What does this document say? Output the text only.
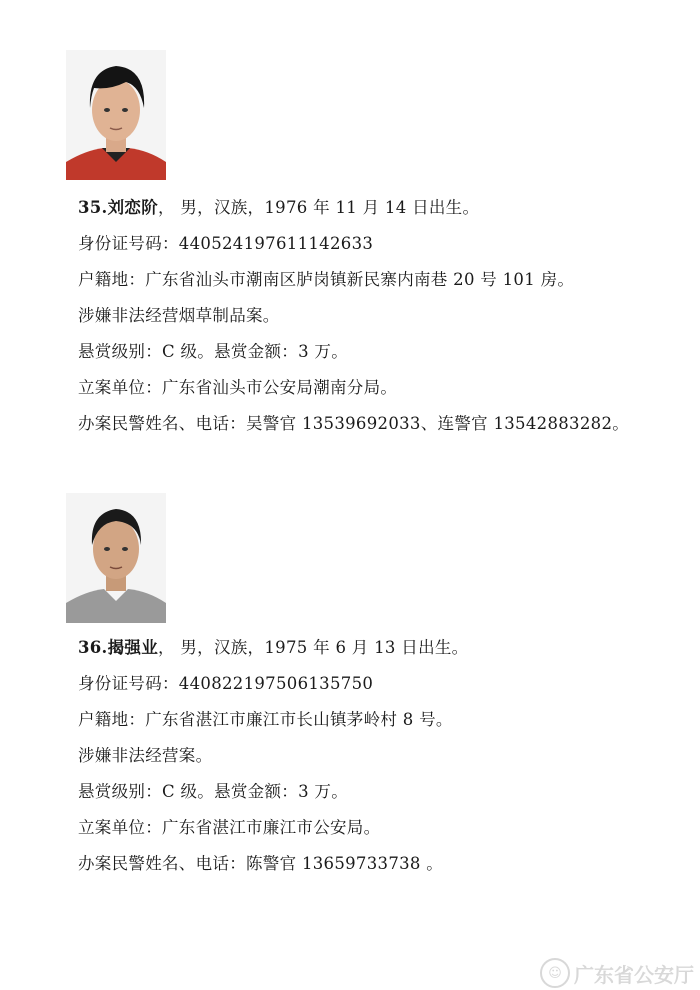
35.刘恋阶， 男，汉族，1976 年 11 月 14 日出生。
身份证号码：440524197611142633
户籍地：广东省汕头市潮南区胪岗镇新民寨内南巷 20 号 101 房。
涉嫌非法经营烟草制品案。
悬赏级别：C 级。悬赏金额：3 万。
立案单位：广东省汕头市公安局潮南分局。
办案民警姓名、电话：吴警官 13539692033、连警官 13542883282。
36.揭强业， 男，汉族，1975 年 6 月 13 日出生。
身份证号码：440822197506135750
户籍地：广东省湛江市廉江市长山镇茅岭村 8 号。
涉嫌非法经营案。
悬赏级别：C 级。悬赏金额：3 万。
立案单位：广东省湛江市廉江市公安局。
办案民警姓名、电话：陈警官 13659733738 。
☺ 广东省公安厅
